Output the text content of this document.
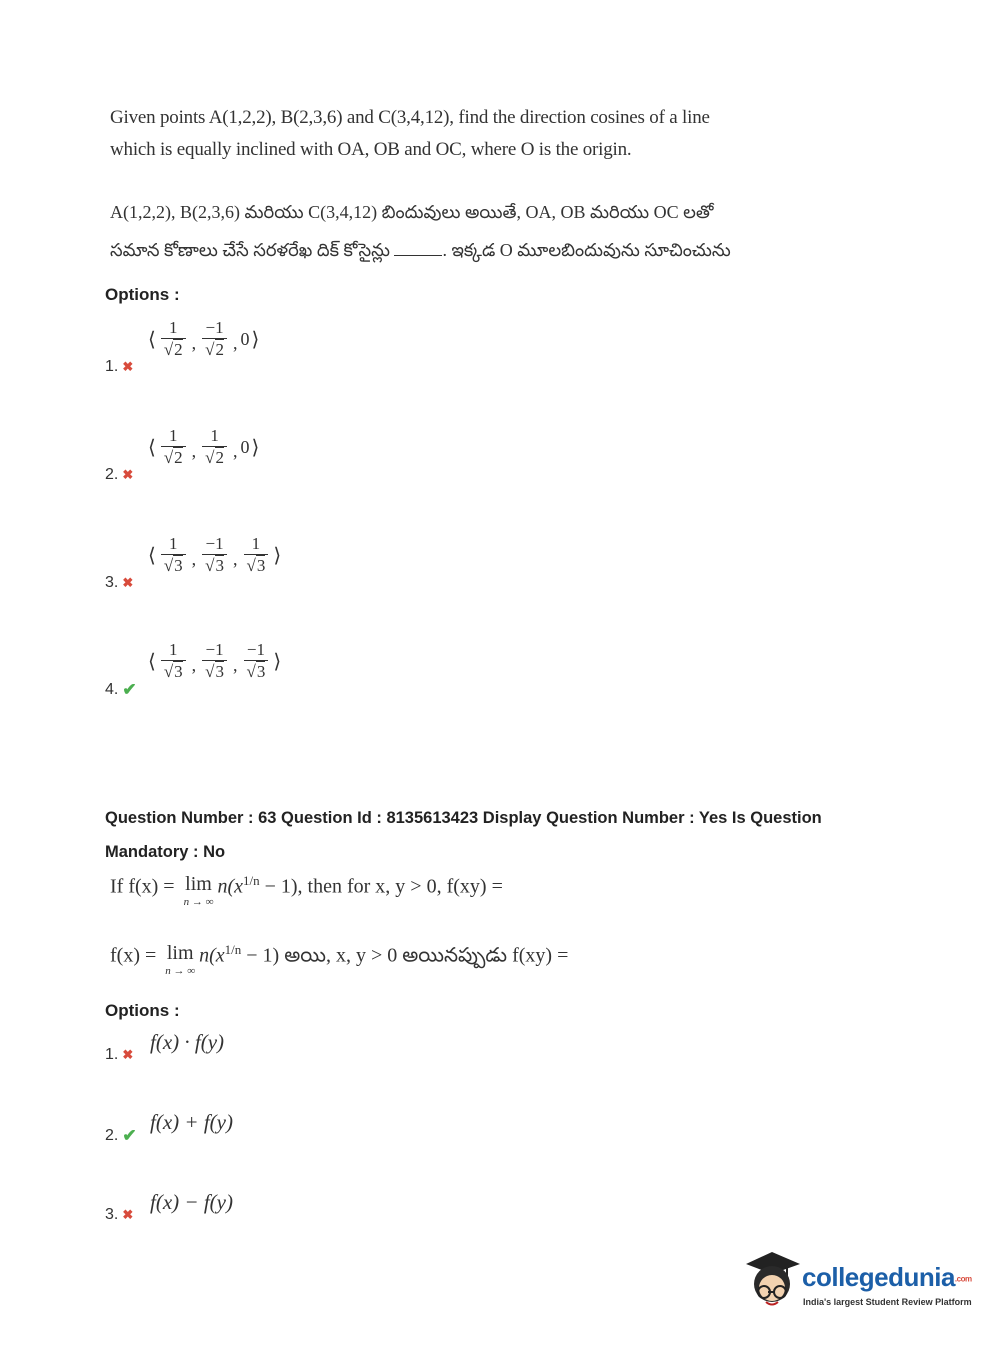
Given points A(1,2,2), B(2,3,6) and C(3,4,12), find the direction cosines of a line
which is equally inclined with OA, OB and OC, where O is the origin.
A(1,2,2), B(2,3,6) మరియు C(3,4,12) బిందువులు అయితే, OA, OB మరియు OC లతో
సమాన కోణాలు చేసే సరళరేఖ దిక్ కోసైన్లు	. ఇక్కడ O మూలబిందువును సూచించును
Options :
1. ✖
⟨ $\frac{1}{√2}$ , $\frac{-1}{√2}$ , 0 ⟩
2. ✖
⟨ $\frac{1}{√2}$ , $\frac{1}{√2}$ , 0 ⟩
3. ✖
⟨ $\frac{1}{√3}$ , $\frac{-1}{√3}$ , $\frac{1}{√3}$ ⟩
4. ✔
⟨ $\frac{1}{√3}$ , $\frac{-1}{√3}$ , $\frac{-1}{√3}$ ⟩
Question Number : 63 Question Id : 8135613423 Display Question Number : Yes Is Question
Mandatory : No
If f(x) = lim
n → ∞
$n(x^{1/n} - 1)$, then for x, y > 0, f(xy) =
f(x) = lim
n → ∞
$n(x^{1/n} - 1)$ అయి, x, y > 0 అయినప్పుడు f(xy) =
Options :
1. ✖
f(x) · f(y)
2. ✔
f(x) + f(y)
3. ✖
f(x) − f(y)
collegedunia.com
India's largest Student Review Platform
